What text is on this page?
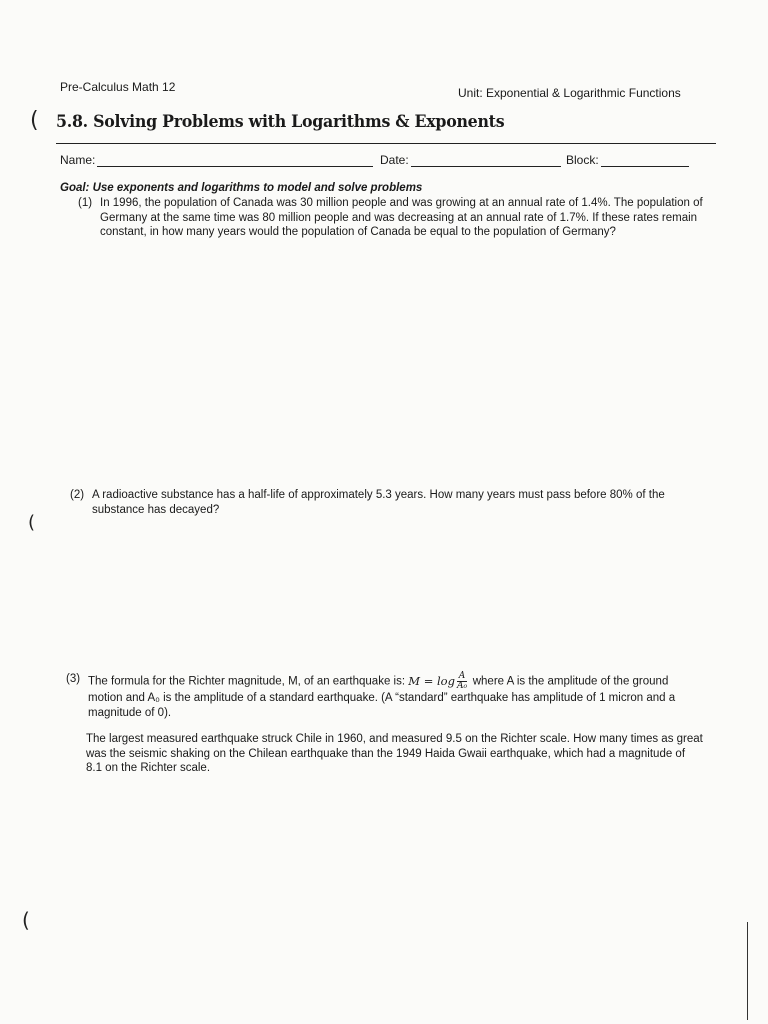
Pre-Calculus Math 12	Unit: Exponential & Logarithmic Functions
( 5.8. Solving Problems with Logarithms & Exponents
Name:	Date:	Block:
Goal: Use exponents and logarithms to model and solve problems
(1) In 1996, the population of Canada was 30 million people and was growing at an annual rate of 1.4%. The population of Germany at the same time was 80 million people and was decreasing at an annual rate of 1.7%. If these rates remain constant, in how many years would the population of Canada be equal to the population of Germany?
(2) A radioactive substance has a half-life of approximately 5.3 years. How many years must pass before 80% of the substance has decayed?
(
(3) The formula for the Richter magnitude, M, of an earthquake is: $M = \log \frac{A}{\text{A₀}}$ where A is the amplitude of the ground motion and A₀ is the amplitude of a standard earthquake. (A “standard” earthquake has amplitude of 1 micron and a magnitude of 0).
The largest measured earthquake struck Chile in 1960, and measured 9.5 on the Richter scale. How many times as great was the seismic shaking on the Chilean earthquake than the 1949 Haida Gwaii earthquake, which had a magnitude of 8.1 on the Richter scale.
(
